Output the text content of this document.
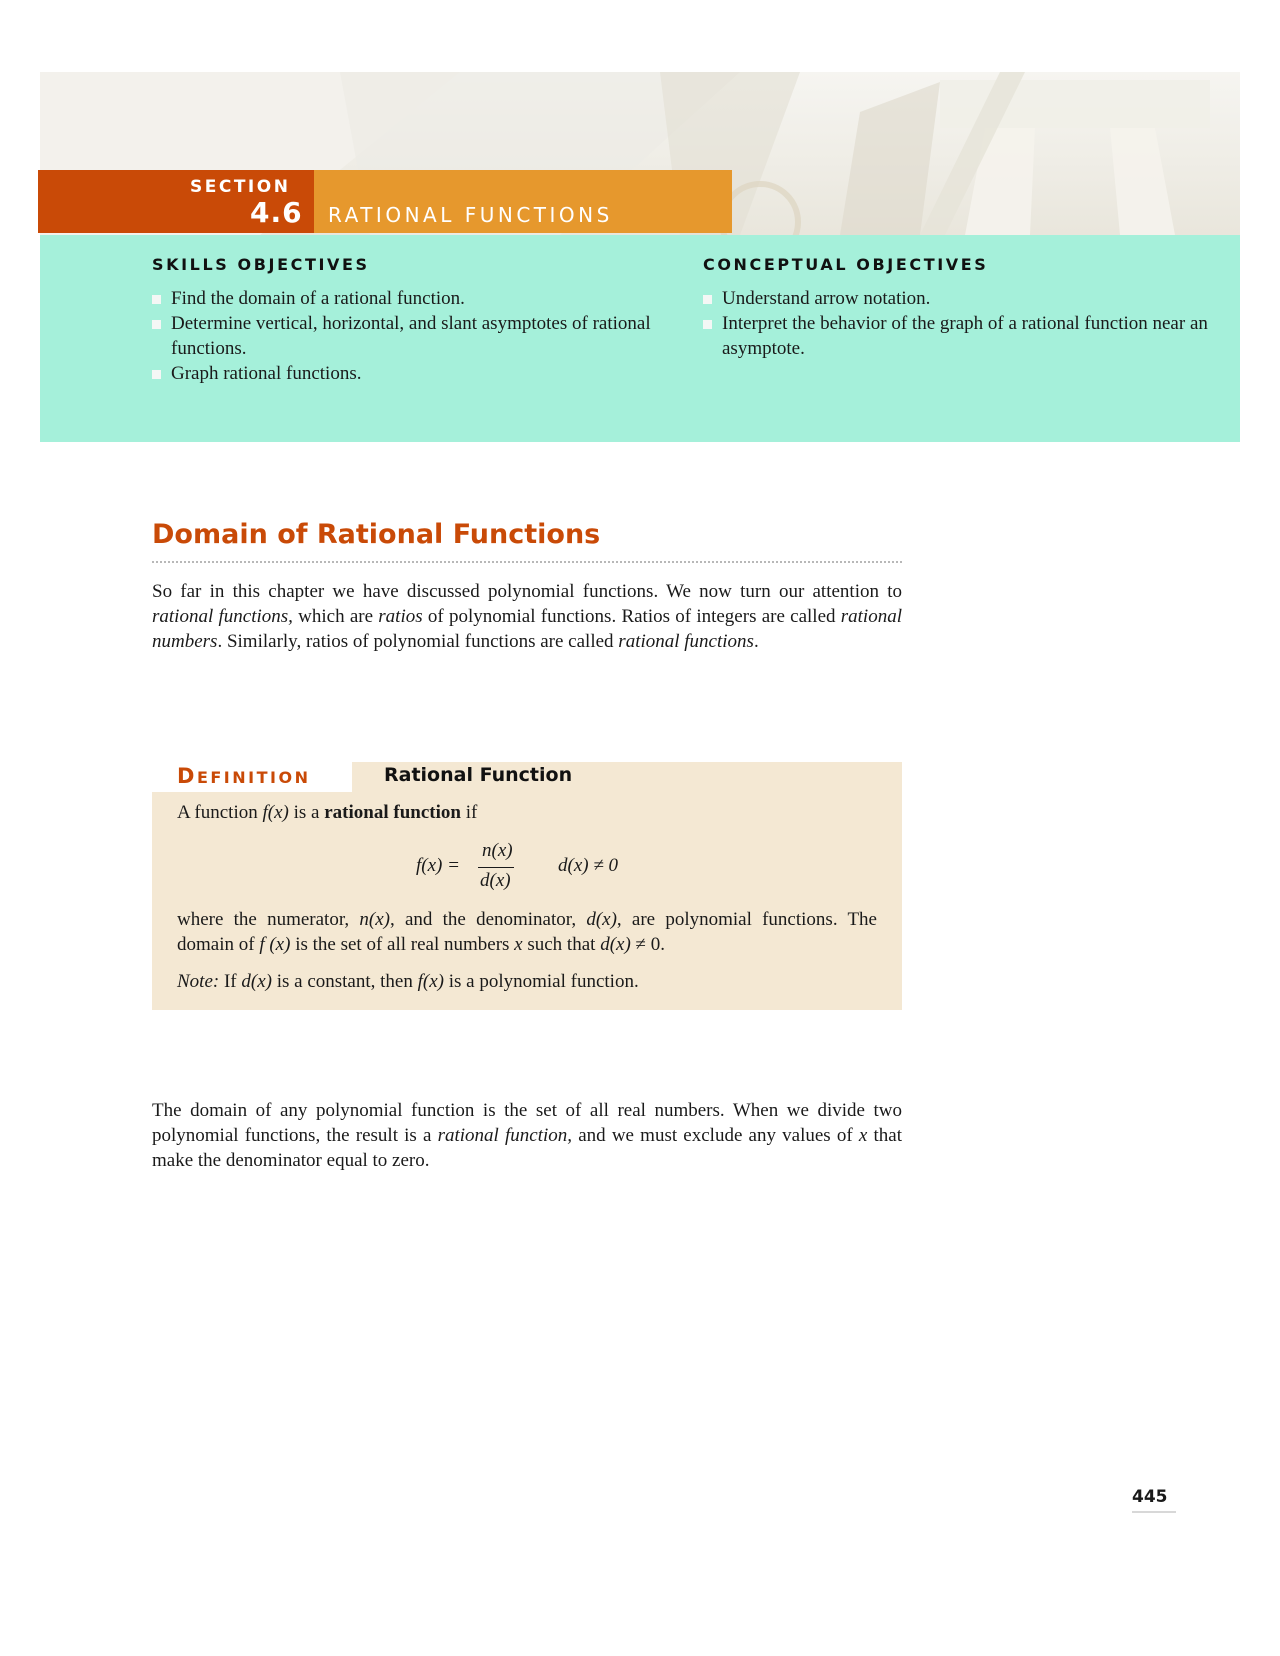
SECTION
4.6 RATIONAL FUNCTIONS
SKILLS OBJECTIVES
Find the domain of a rational function.
Determine vertical, horizontal, and slant asymptotes of rational functions.
Graph rational functions.
CONCEPTUAL OBJECTIVES
Understand arrow notation.
Interpret the behavior of the graph of a rational function near an asymptote.
Domain of Rational Functions

So far in this chapter we have discussed polynomial functions. We now turn our attention to rational functions, which are ratios of polynomial functions. Ratios of integers are called rational numbers. Similarly, ratios of polynomial functions are called rational functions.

DEFINITION	Rational Function

A function f(x) is a rational function if

f(x) =
n(x)
d(x)
d(x) ≠ 0

where the numerator, n(x), and the denominator, d(x), are polynomial functions. The domain of f (x) is the set of all real numbers x such that d(x) ≠ 0.

Note: If d(x) is a constant, then f(x) is a polynomial function.

The domain of any polynomial function is the set of all real numbers. When we divide two polynomial functions, the result is a rational function, and we must exclude any values of x that make the denominator equal to zero.

445
